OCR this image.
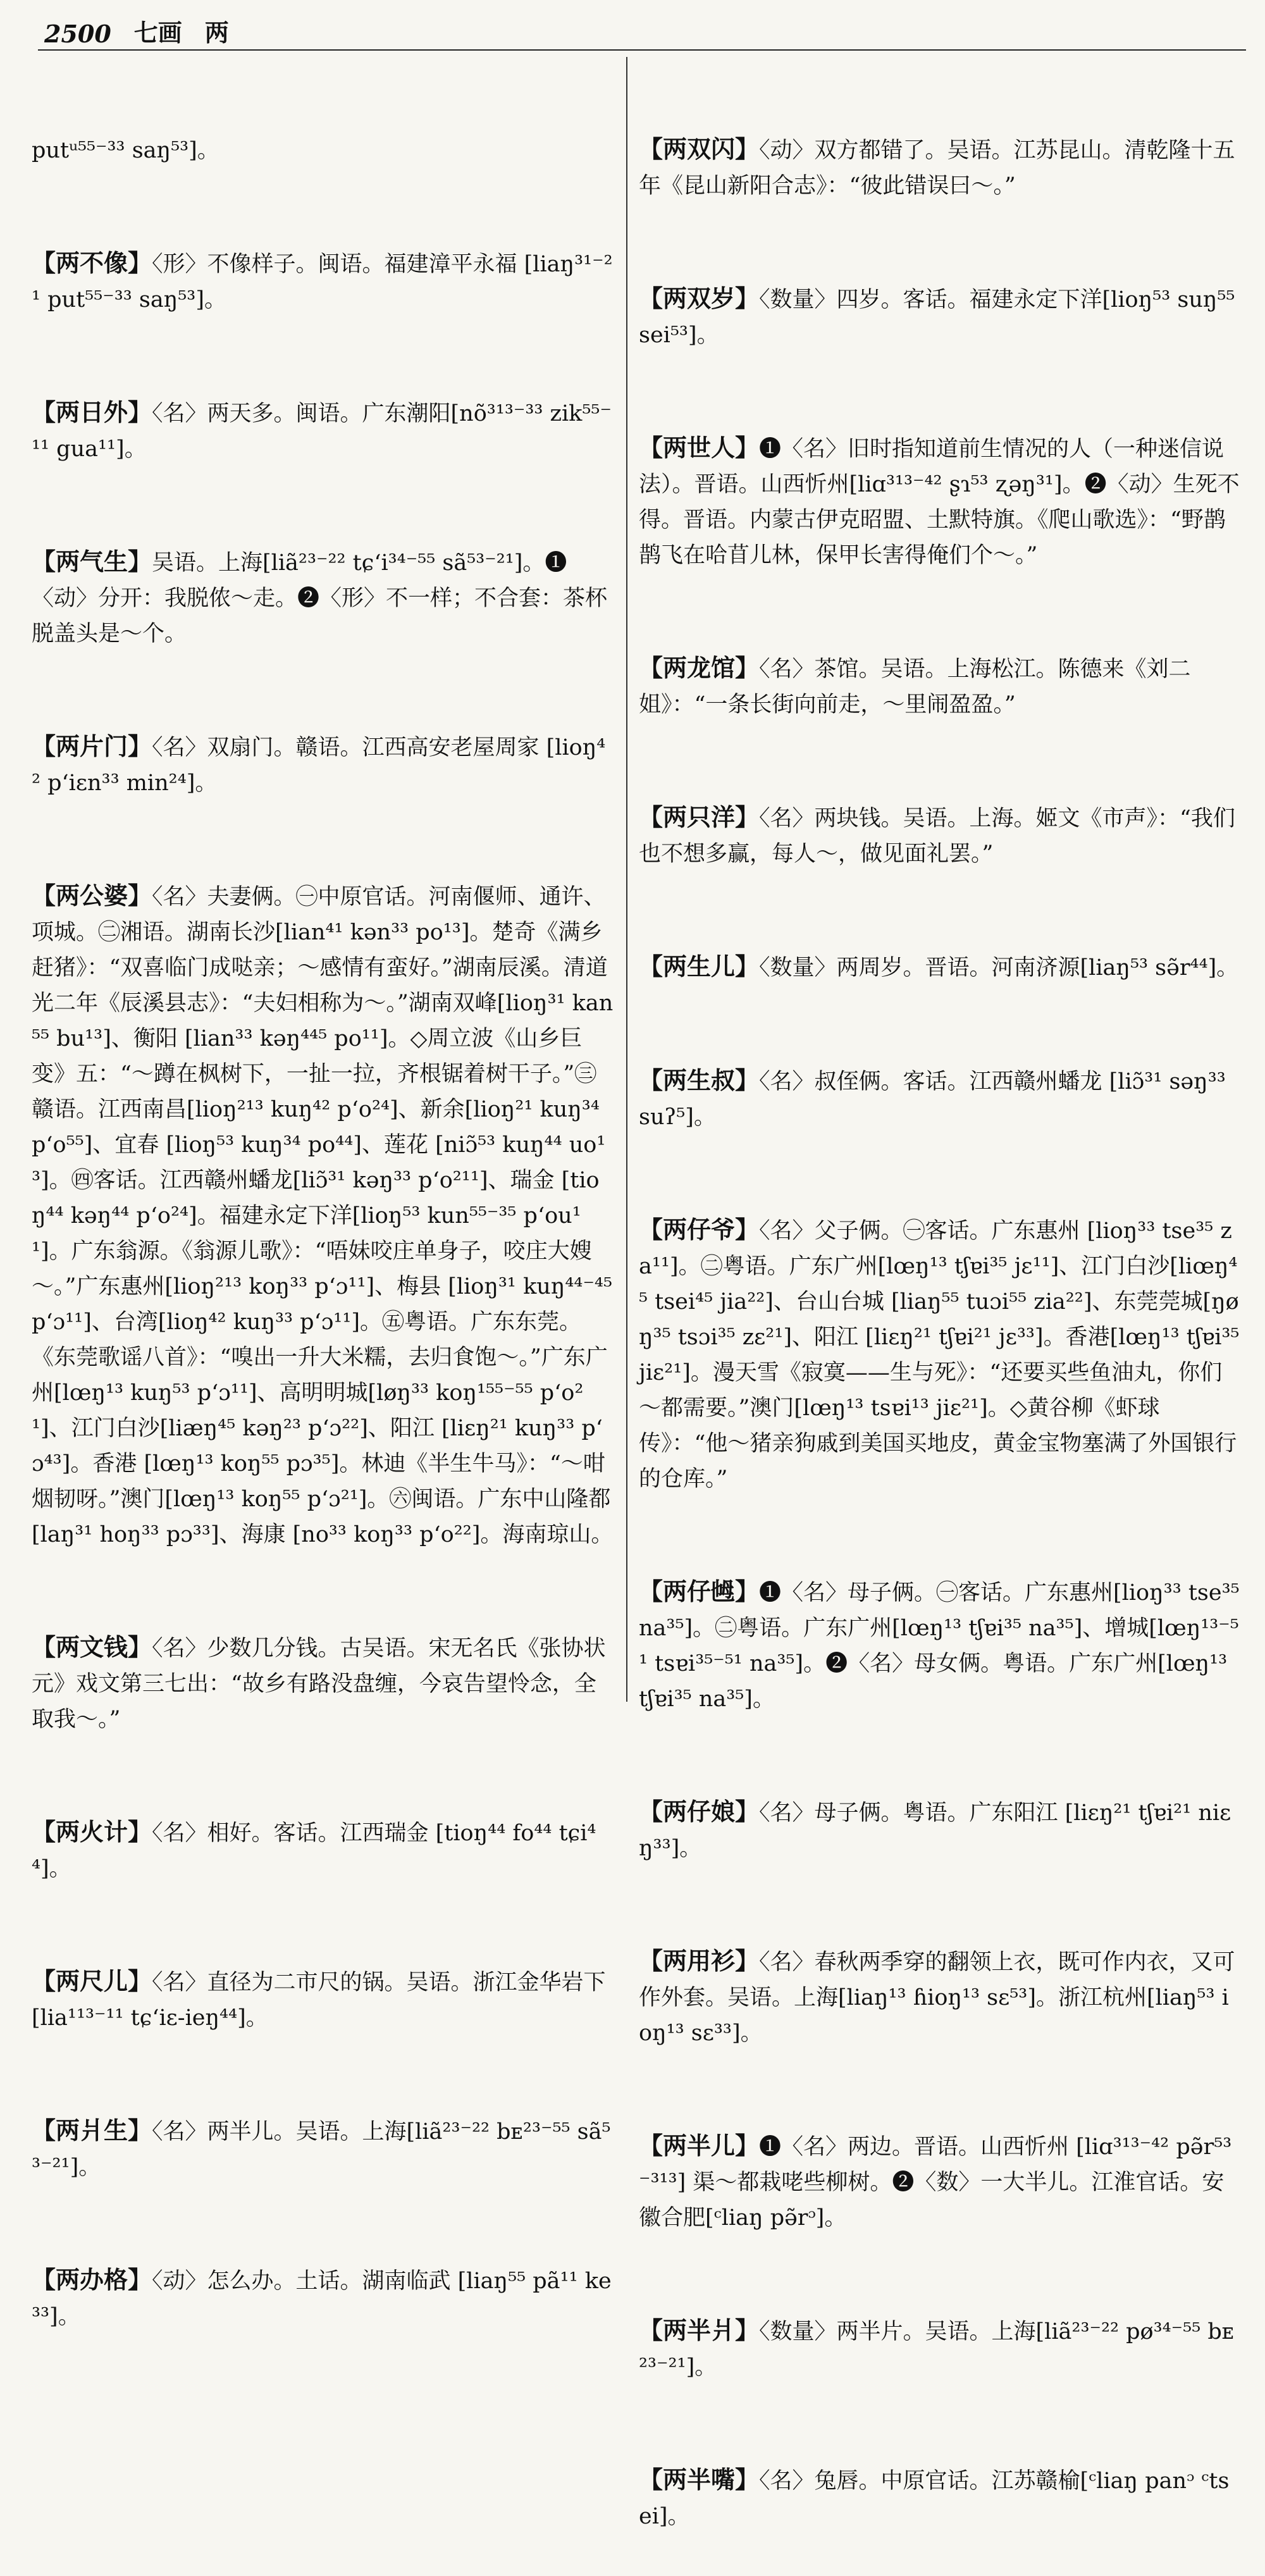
2500 七画 两

putᵘ⁵⁵⁻³³ saŋ⁵³]。

【两不像】〈形〉不像样子。闽语。福建漳平永福 [liaŋ³¹⁻²¹ put⁵⁵⁻³³ saŋ⁵³]。

【两日外】〈名〉两天多。闽语。广东潮阳[nõ³¹³⁻³³ zik⁵⁵⁻¹¹ gua¹¹]。

【两气生】吴语。上海[liã²³⁻²² tɕʻi³⁴⁻⁵⁵ sã⁵³⁻²¹]。❶〈动〉分开：我脱侬～走。❷〈形〉不一样；不合套：茶杯脱盖头是～个。

【两片门】〈名〉双扇门。赣语。江西高安老屋周家 [lioŋ⁴² pʻiɛn³³ min²⁴]。

【两公婆】〈名〉夫妻俩。㊀中原官话。河南偃师、通许、项城。㊁湘语。湖南长沙[lian⁴¹ kən³³ po¹³]。楚奇《满乡赶猪》：“双喜临门成哒亲；～感情有蛮好。”湖南辰溪。清道光二年《辰溪县志》：“夫妇相称为～。”湖南双峰[lioŋ³¹ kan⁵⁵ bu¹³]、衡阳 [lian³³ kəŋ⁴⁴⁵ po¹¹]。◇周立波《山乡巨变》五：“～蹲在枫树下，一扯一拉，齐根锯着树干子。”㊂赣语。江西南昌[lioŋ²¹³ kuŋ⁴² pʻo²⁴]、新余[lioŋ²¹ kuŋ³⁴ pʻo⁵⁵]、宜春 [lioŋ⁵³ kuŋ³⁴ po⁴⁴]、莲花 [niɔ̃⁵³ kuŋ⁴⁴ uo¹³]。㊃客话。江西赣州蟠龙[liɔ̃³¹ kəŋ³³ pʻo²¹¹]、瑞金 [tioŋ⁴⁴ kəŋ⁴⁴ pʻo²⁴]。福建永定下洋[lioŋ⁵³ kun⁵⁵⁻³⁵ pʻou¹¹]。广东翁源。《翁源儿歌》：“唔妹咬庄单身子，咬庄大嫂～。”广东惠州[lioŋ²¹³ koŋ³³ pʻɔ¹¹]、梅县 [lioŋ³¹ kuŋ⁴⁴⁻⁴⁵ pʻɔ¹¹]、台湾[lioŋ⁴² kuŋ³³ pʻɔ¹¹]。㊄粤语。广东东莞。《东莞歌谣八首》：“嗅出一升大米糯，去归食饱～。”广东广州[lœŋ¹³ kuŋ⁵³ pʻɔ¹¹]、高明明城[løŋ³³ koŋ¹⁵⁵⁻⁵⁵ pʻo²¹]、江门白沙[liæŋ⁴⁵ kəŋ²³ pʻɔ²²]、阳江 [liɛŋ²¹ kuŋ³³ pʻɔ⁴³]。香港 [lœŋ¹³ koŋ⁵⁵ pɔ³⁵]。林迪《半生牛马》：“～咁烟韧呀。”澳门[lœŋ¹³ koŋ⁵⁵ pʻɔ²¹]。㊅闽语。广东中山隆都[laŋ³¹ hoŋ³³ pɔ³³]、海康 [no³³ koŋ³³ pʻo²²]。海南琼山。

【两文钱】〈名〉少数几分钱。古吴语。宋无名氏《张协状元》戏文第三七出：“故乡有路没盘缠，今哀告望怜念，全取我～。”

【两火计】〈名〉相好。客话。江西瑞金 [tioŋ⁴⁴ fo⁴⁴ tɕi⁴⁴]。

【两尺儿】〈名〉直径为二市尺的锅。吴语。浙江金华岩下[lia¹¹³⁻¹¹ tɕʻiɛ-ieŋ⁴⁴]。

【两爿生】〈名〉两半儿。吴语。上海[liã²³⁻²² bᴇ²³⁻⁵⁵ sã⁵³⁻²¹]。

【两办格】〈动〉怎么办。土话。湖南临武 [liaŋ⁵⁵ pã¹¹ ke³³]。

【两双闪】〈动〉双方都错了。吴语。江苏昆山。清乾隆十五年《昆山新阳合志》：“彼此错误曰～。”

【两双岁】〈数量〉四岁。客话。福建永定下洋[lioŋ⁵³ suŋ⁵⁵ sei⁵³]。

【两世人】❶〈名〉旧时指知道前生情况的人（一种迷信说法）。晋语。山西忻州[liɑ³¹³⁻⁴² ʂɿ⁵³ ʐəŋ³¹]。❷〈动〉生死不得。晋语。内蒙古伊克昭盟、土默特旗。《爬山歌选》：“野鹊鹊飞在哈苜儿林，保甲长害得俺们个～。”

【两龙馆】〈名〉茶馆。吴语。上海松江。陈德来《刘二姐》：“一条长街向前走，～里闹盈盈。”

【两只洋】〈名〉两块钱。吴语。上海。姬文《市声》：“我们也不想多赢，每人～，做见面礼罢。”

【两生儿】〈数量〉两周岁。晋语。河南济源[liaŋ⁵³ sə̃r⁴⁴]。

【两生叔】〈名〉叔侄俩。客话。江西赣州蟠龙 [liɔ̃³¹ səŋ³³ suʔ⁵]。

【两仔爷】〈名〉父子俩。㊀客话。广东惠州 [lioŋ³³ tse³⁵ za¹¹]。㊁粤语。广东广州[lœŋ¹³ tʃɐi³⁵ jɛ¹¹]、江门白沙[liœŋ⁴⁵ tsei⁴⁵ jia²²]、台山台城 [liaŋ⁵⁵ tuɔi⁵⁵ zia²²]、东莞莞城[ŋøŋ³⁵ tsɔi³⁵ zɛ²¹]、阳江 [liɛŋ²¹ tʃɐi²¹ jɛ³³]。香港[lœŋ¹³ tʃɐi³⁵ jiɛ²¹]。漫天雪《寂寞——生与死》：“还要买些鱼油丸，你们～都需要。”澳门[lœŋ¹³ tsɐi¹³ jiɛ²¹]。◇黄谷柳《虾球传》：“他～猪亲狗戚到美国买地皮，黄金宝物塞满了外国银行的仓库。”

【两仔乸】❶〈名〉母子俩。㊀客话。广东惠州[lioŋ³³ tse³⁵ na³⁵]。㊁粤语。广东广州[lœŋ¹³ tʃɐi³⁵ na³⁵]、增城[lœŋ¹³⁻⁵¹ tsɐi³⁵⁻⁵¹ na³⁵]。❷〈名〉母女俩。粤语。广东广州[lœŋ¹³ tʃɐi³⁵ na³⁵]。

【两仔娘】〈名〉母子俩。粤语。广东阳江 [liɛŋ²¹ tʃɐi²¹ niɛŋ³³]。

【两用衫】〈名〉春秋两季穿的翻领上衣，既可作内衣，又可作外套。吴语。上海[liaŋ¹³ ɦioŋ¹³ sɛ⁵³]。浙江杭州[liaŋ⁵³ ioŋ¹³ sɛ³³]。

【两半儿】❶〈名〉两边。晋语。山西忻州 [liɑ³¹³⁻⁴² pə̃r⁵³⁻³¹³] 渠～都栽咾些柳树。❷〈数〉一大半儿。江淮官话。安徽合肥[ᶜliaŋ pə̃rᵓ]。

【两半爿】〈数量〉两半片。吴语。上海[liã²³⁻²² pø³⁴⁻⁵⁵ bᴇ²³⁻²¹]。

【两半嘴】〈名〉兔唇。中原官话。江苏赣榆[ᶜliaŋ panᵓ ᶜtsei]。
